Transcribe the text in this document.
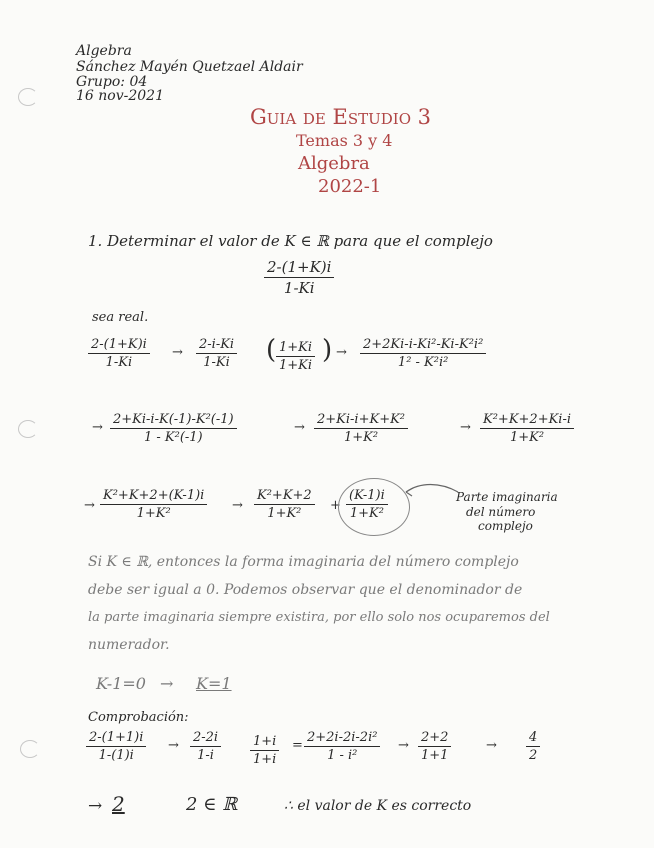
Algebra
Sánchez Mayén Quetzael Aldair
Grupo: 04
16 nov-2021
Guia de Estudio 3
Temas 3 y 4
Algebra
2022-1
1. Determinar el valor de K ∈ ℝ para que el complejo
2-(1+K)i
1-Ki
sea real.
2-(1+K)i
1-Ki
→
2-i-Ki
1-Ki ( 1+Ki
1+Ki
) →
2+2Ki-i-Ki²-Ki-K²i²
1² - K²i²
→
2+Ki-i-K(-1)-K²(-1)
1 - K²(-1)
→
2+Ki-i+K+K²
1+K²
→
K²+K+2+Ki-i
1+K²
→
K²+K+2+(K-1)i
1+K²
→
K²+K+2
1+K²
+
(K-1)i
1+K²
Parte imaginaria
del número
complejo
Si K ∈ ℝ, entonces la forma imaginaria del número complejo
debe ser igual a 0. Podemos observar que el denominador de
la parte imaginaria siempre existira, por ello solo nos ocuparemos del
numerador.
K-1=0 → K=1
Comprobación:
2-(1+1)i
1-(1)i
→
2-2i
1-i
1+i
1+i
=
2+2i-2i-2i²
1 - i²
→
2+2
1+1
→
4
2
→ 2	2 ∈ ℝ	∴ el valor de K es correcto
